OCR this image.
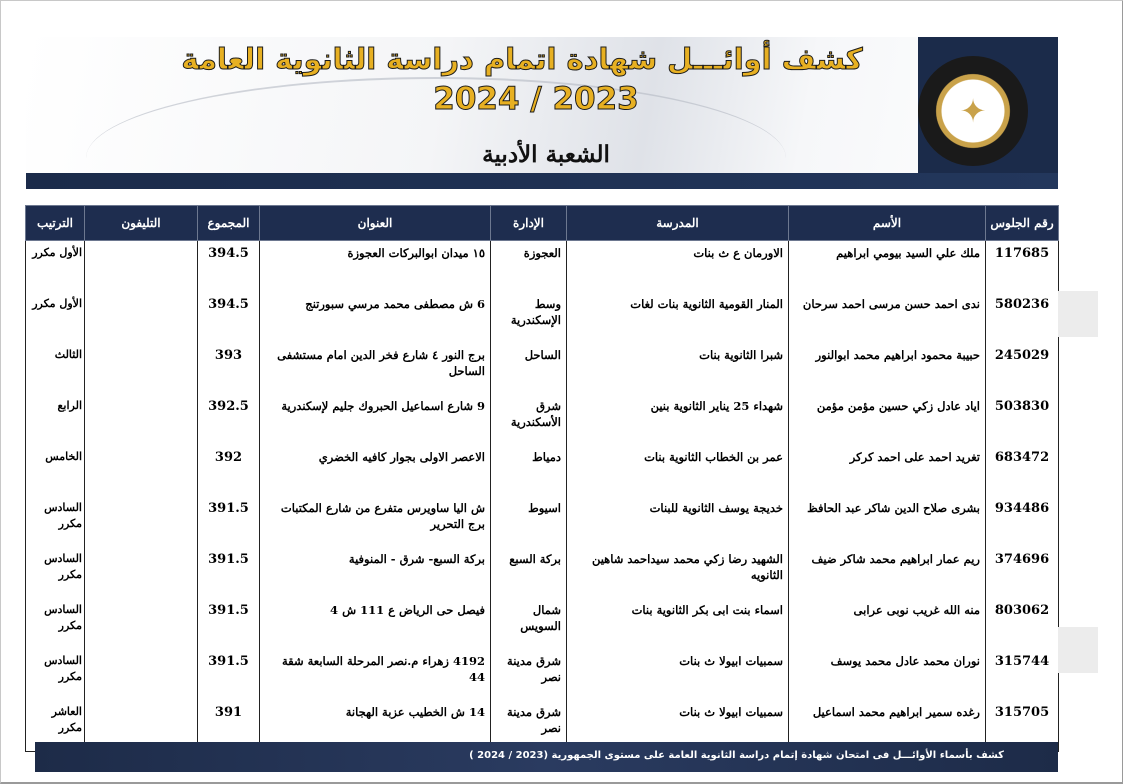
✦
كشف أوائـــل شهادة اتمام دراسة الثانوية العامة
2024 / 2023
الشعبة الأدبية
رقم الجلوس	الأسم	المدرسة	الإدارة	العنوان	المجموع	التليفون	الترتيب
117685	ملك علي السيد بيومي ابراهيم	الاورمان ع ث بنات	العجوزة	١٥ ميدان ابوالبركات العجوزة	394.5		الأول مكرر
580236	ندى احمد حسن مرسى احمد سرحان	المنار القومية الثانوية بنات لغات	وسط الإسكندرية	6 ش مصطفى محمد مرسي سبورتنج	394.5		الأول مكرر
245029	حبيبة محمود ابراهيم محمد ابوالنور	شبرا الثانوية بنات	الساحل	برج النور ٤ شارع فخر الدين امام مستشفى الساحل	393		الثالث
503830	اياد عادل زكي حسين مؤمن مؤمن	شهداء 25 يناير الثانوية بنين	شرق الأسكندرية	9 شارع اسماعيل الحبروك جليم لإسكندرية	392.5		الرابع
683472	تغريد احمد على احمد كركر	عمر بن الخطاب الثانوية بنات	دمياط	الاعصر الاولى بجوار كافيه الخضري	392		الخامس
934486	بشرى صلاح الدين شاكر عبد الحافظ	خديجة يوسف الثانوية للبنات	اسيوط	ش اليا ساويرس متفرع من شارع المكتبات برج التحرير	391.5		السادس مكرر
374696	ريم عمار ابراهيم محمد شاكر ضيف	الشهيد رضا زكي محمد سيداحمد شاهين الثانويه	بركة السبع	بركة السبع- شرق - المنوفية	391.5		السادس مكرر
803062	منه الله غريب نوبى عرابى	اسماء بنت ابى بكر الثانوية بنات	شمال السويس	فيصل حى الرياض ع 111 ش 4	391.5		السادس مكرر
315744	نوران محمد عادل محمد يوسف	سمبيات ابيولا ث بنات	شرق مدينة نصر	4192 زهراء م.نصر المرحلة السابعة شقة 44	391.5		السادس مكرر
315705	رغده سمير ابراهيم محمد اسماعيل	سمبيات ابيولا ث بنات	شرق مدينة نصر	14 ش الخطيب عزبة الهجانة	391		العاشر مكرر
كشف بأسماء الأوائـــل فى امتحان شهادة إتمام دراسة الثانوية العامة على مستوى الجمهورية (2023 / 2024 )
